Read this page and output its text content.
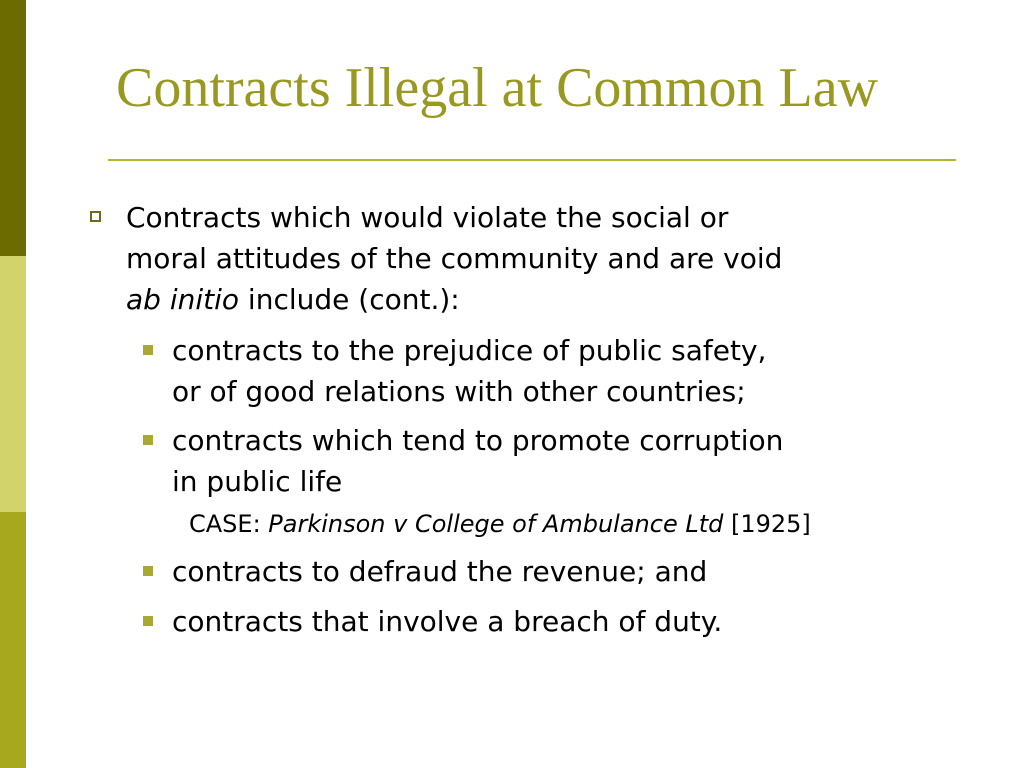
Contracts Illegal at Common Law

Contracts which would violate the social or
moral attitudes of the community and are void
ab initio include (cont.):

contracts to the prejudice of public safety,
or of good relations with other countries;

contracts which tend to promote corruption
in public life

CASE: Parkinson v College of Ambulance Ltd [1925]

contracts to defraud the revenue; and

contracts that involve a breach of duty.
